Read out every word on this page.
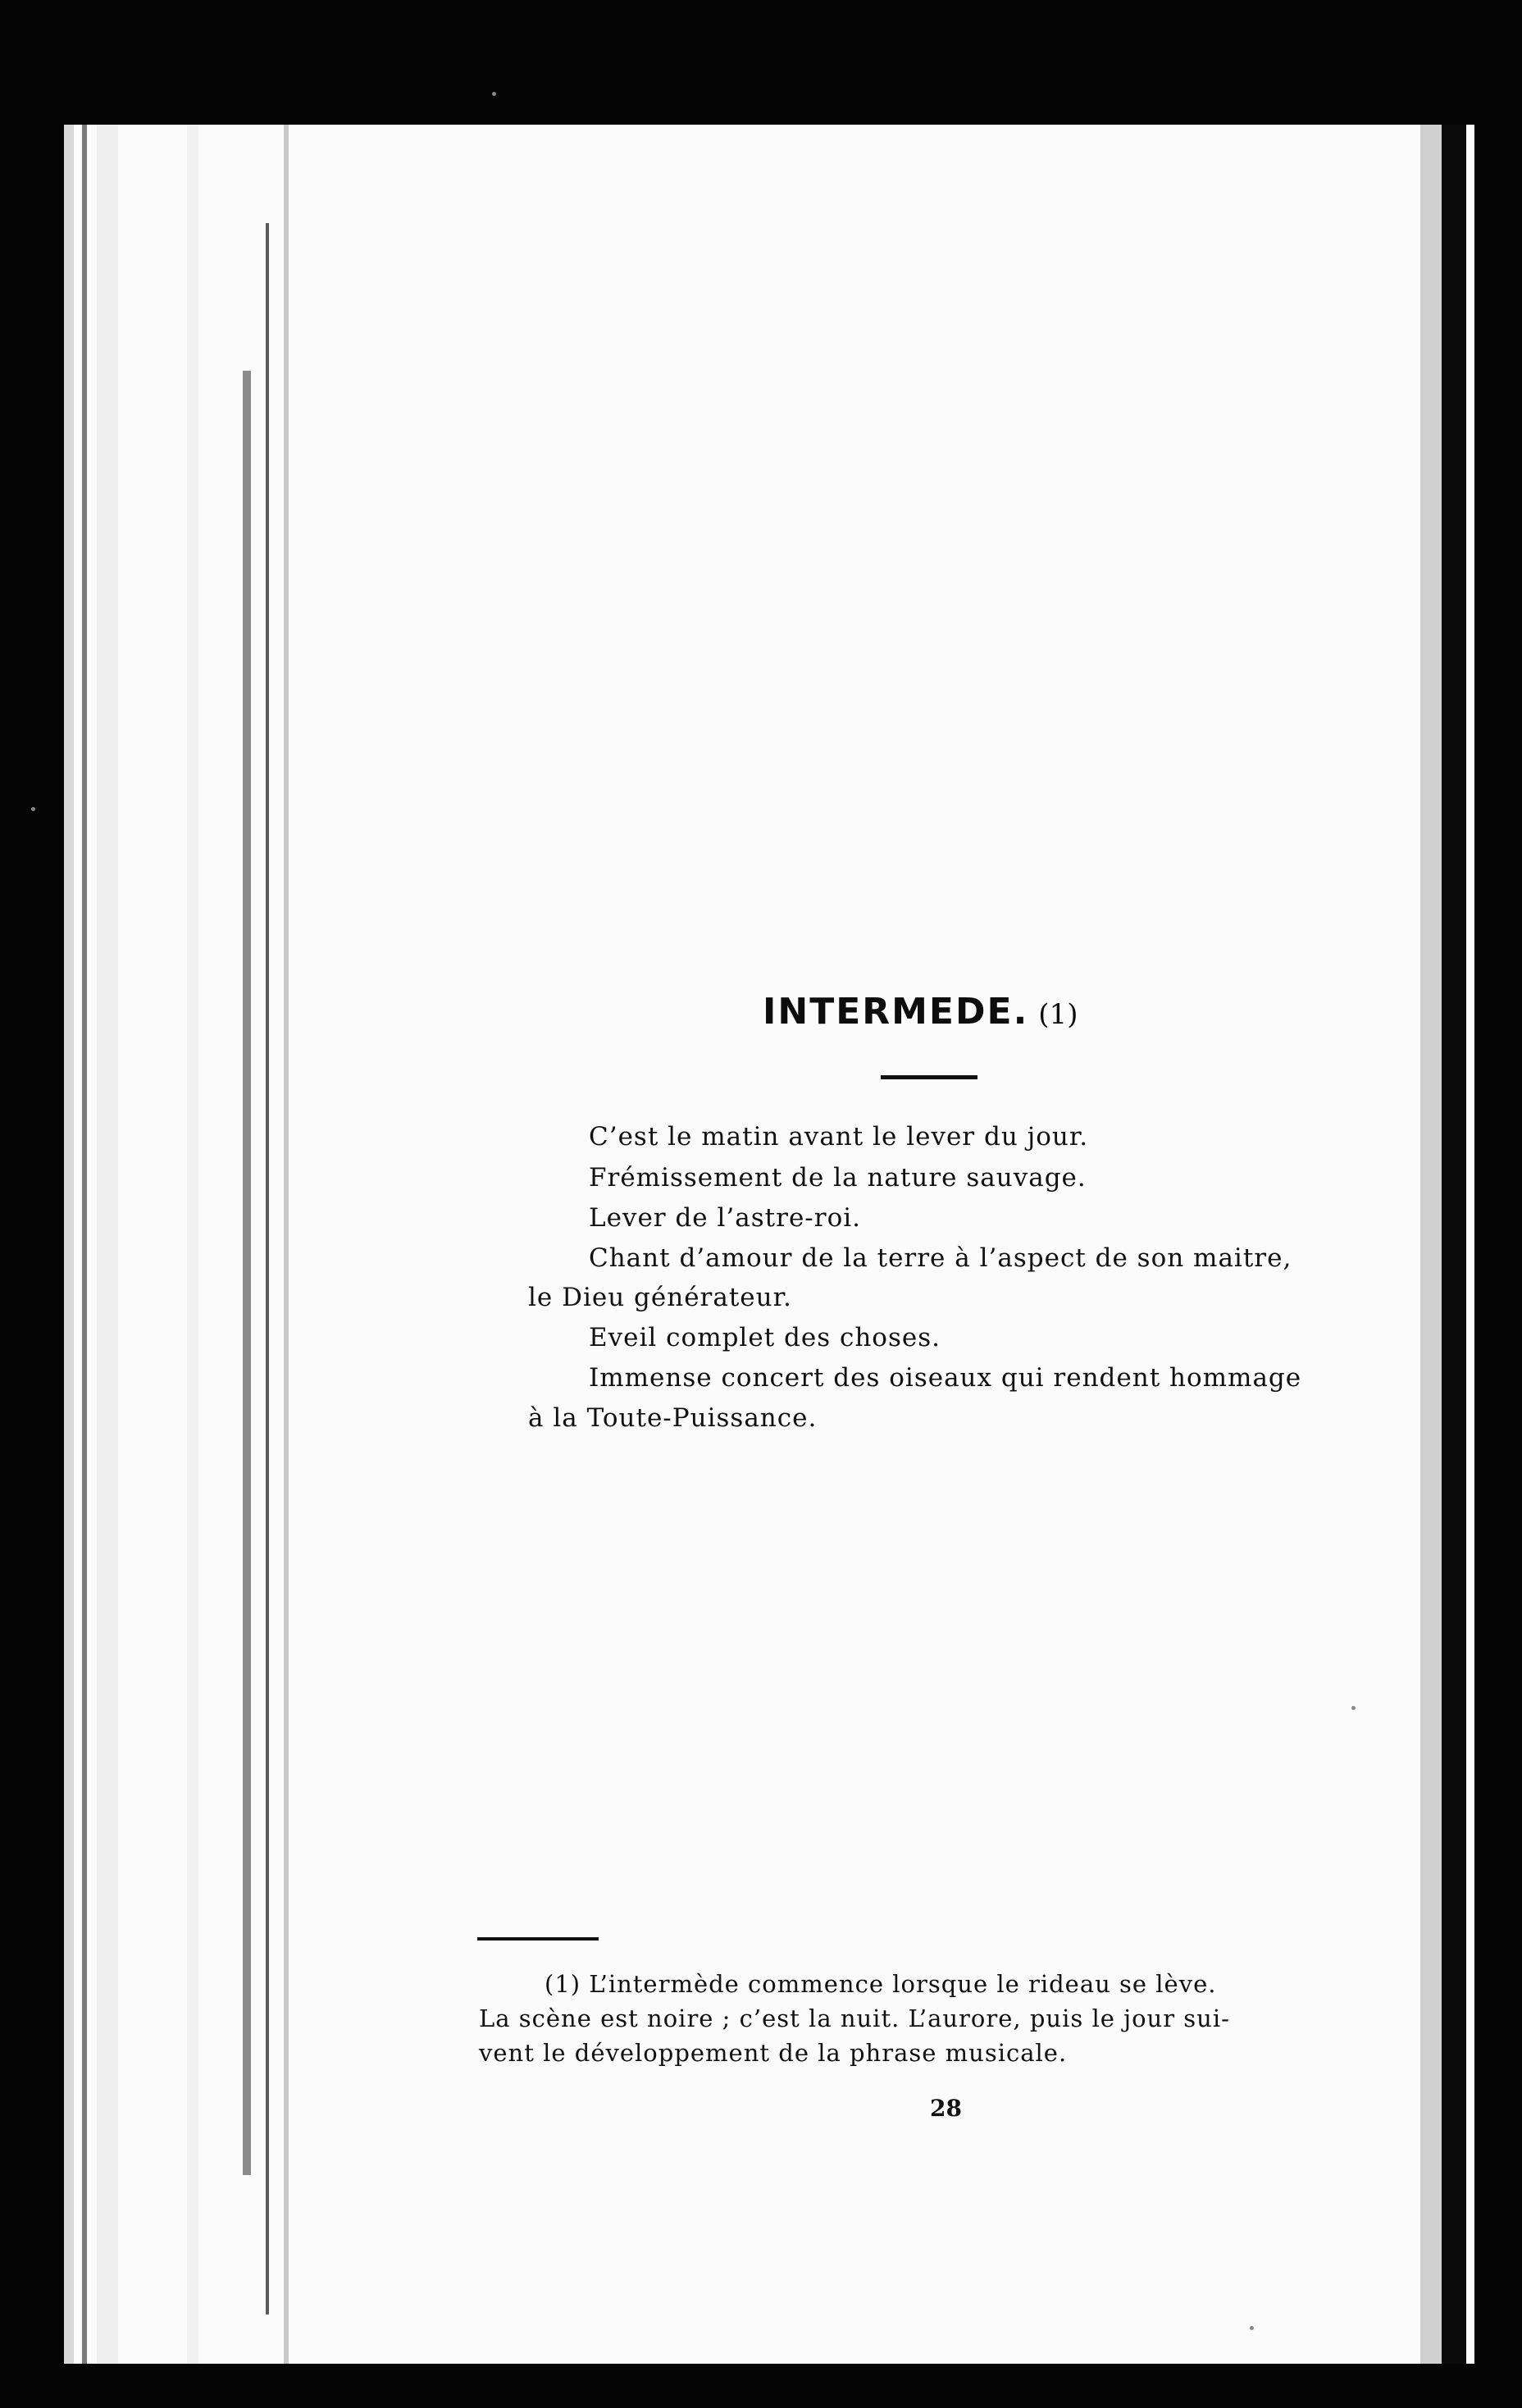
INTERMEDE. (1)
C’est le matin avant le lever du jour.
Frémissement de la nature sauvage.
Lever de l’astre-roi.
Chant d’amour de la terre à l’aspect de son maitre,
le Dieu générateur.
Eveil complet des choses.
Immense concert des oiseaux qui rendent hommage
à la Toute-Puissance.
(1) L’intermède commence lorsque le rideau se lève.
La scène est noire ; c’est la nuit. L’aurore, puis le jour sui-
vent le développement de la phrase musicale.
28
